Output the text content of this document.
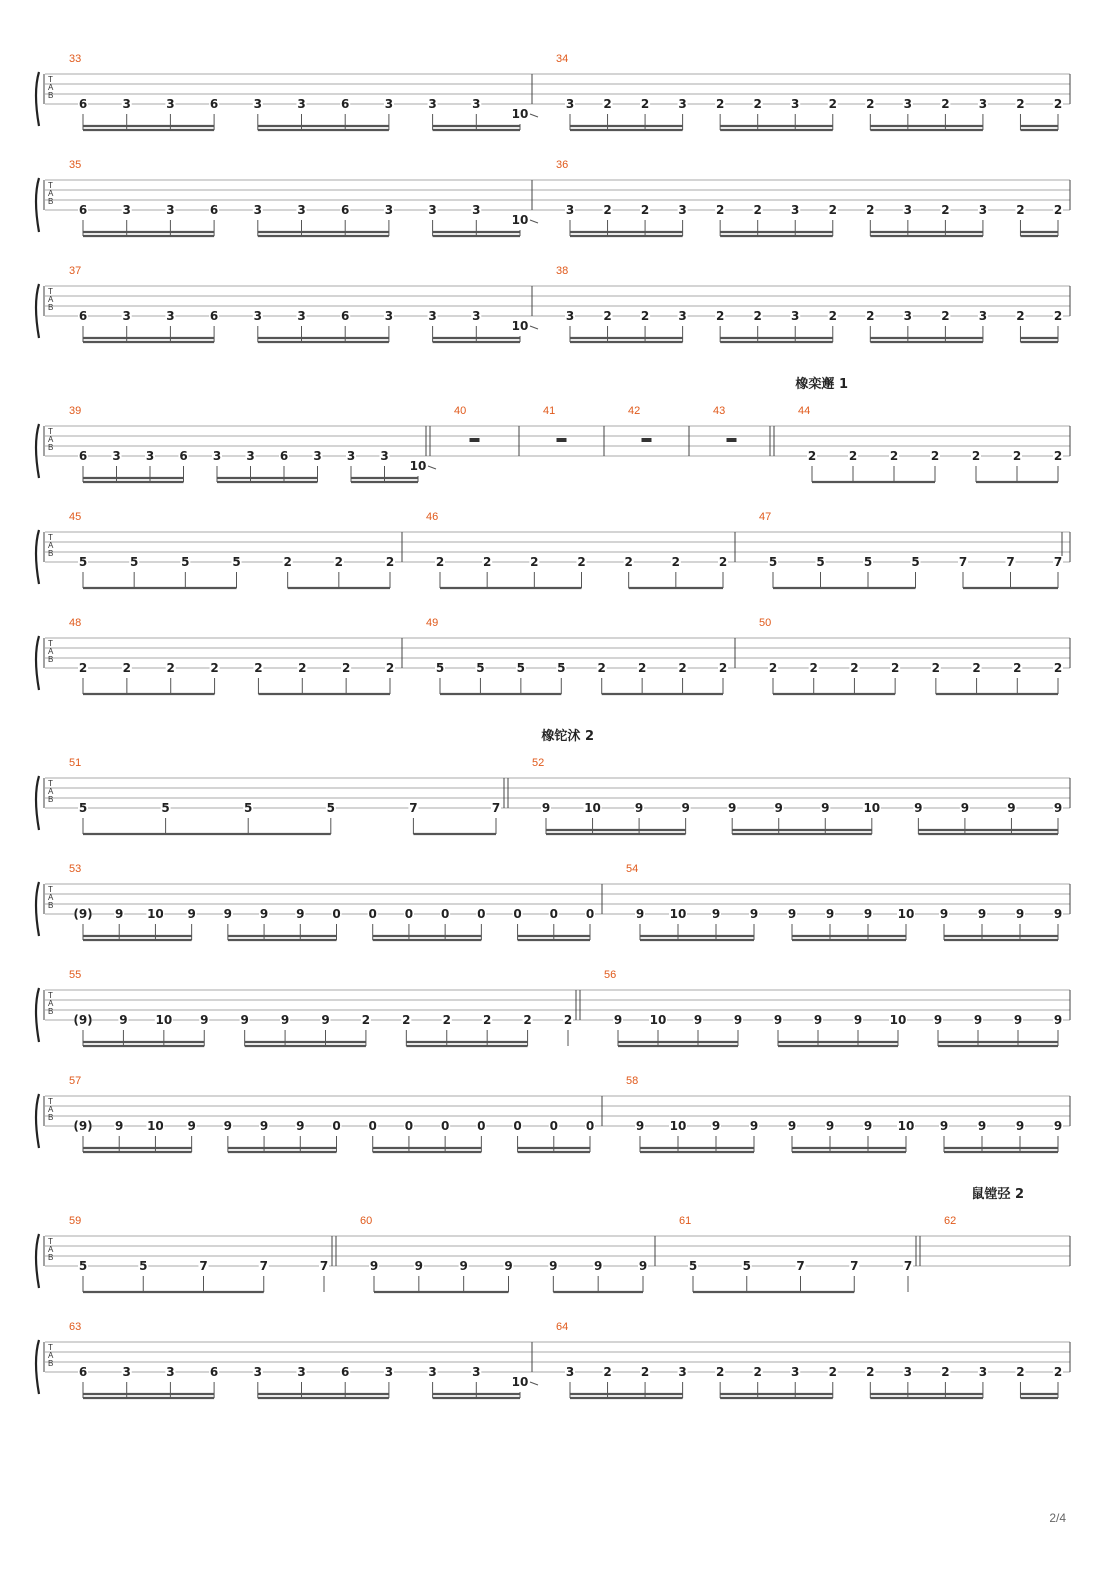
T
A
B
33
6	3	3	6	3	3	6	3	3	3
10
34
3 2 2 3 2 2 3 2 2 3 2 3 2 2
T
A
B
35
6	3	3	6	3	3	6	3	3	3
10
36
3 2 2 3 2 2 3 2 2 3 2 3 2 2
T
A
B
37
6	3	3	6	3	3	6	3	3	3
10
38
3 2 2 3 2 2 3 2 2 3 2 3 2 2
T
A
B
橡栾邂 1
39
6 3 3 6 3 3 6 3 3 3
10
40	41	42	43	44
2	2	2	2	2	2	2
T
A
B
45
5	5	5	5	2	2	2
46
2	2	2	2	2	2	2
47
5	5	5	5	7	7	7
T
A
B
48
2	2	2	2	2	2	2	2
49
5	5	5	5	2	2	2	2
50
2	2	2	2	2	2	2	2
T
A
B
橡铊沭 2
51
5	5	5	5	7	7
52
9	10	9	9	9	9	9	10	9	9	9	9
T
A
B
53
(9) 9 10 9 9 9 9 0 0 0 0 0 0 0 0
54
9 10 9 9 9 9 9 10 9 9 9 9
T
A
B
55
(9) 9 10 9	9	9	9	2	2	2	2	2	2
56
9 10 9	9	9	9	9 10 9	9	9	9
T
A
B
57
(9) 9 10 9 9 9 9 0 0 0 0 0 0 0 0
58
9 10 9 9 9 9 9 10 9 9 9 9
T
A
B
鼠镗弪 2
59
5	5	7	7	7
60
9	9	9	9	9	9	9
61
5	5	7	7	7
62
T
A
B
63
6	3	3	6	3	3	6	3	3	3
10
64
3 2 2 3 2 2 3 2 2 3 2 3 2 2
2/4
